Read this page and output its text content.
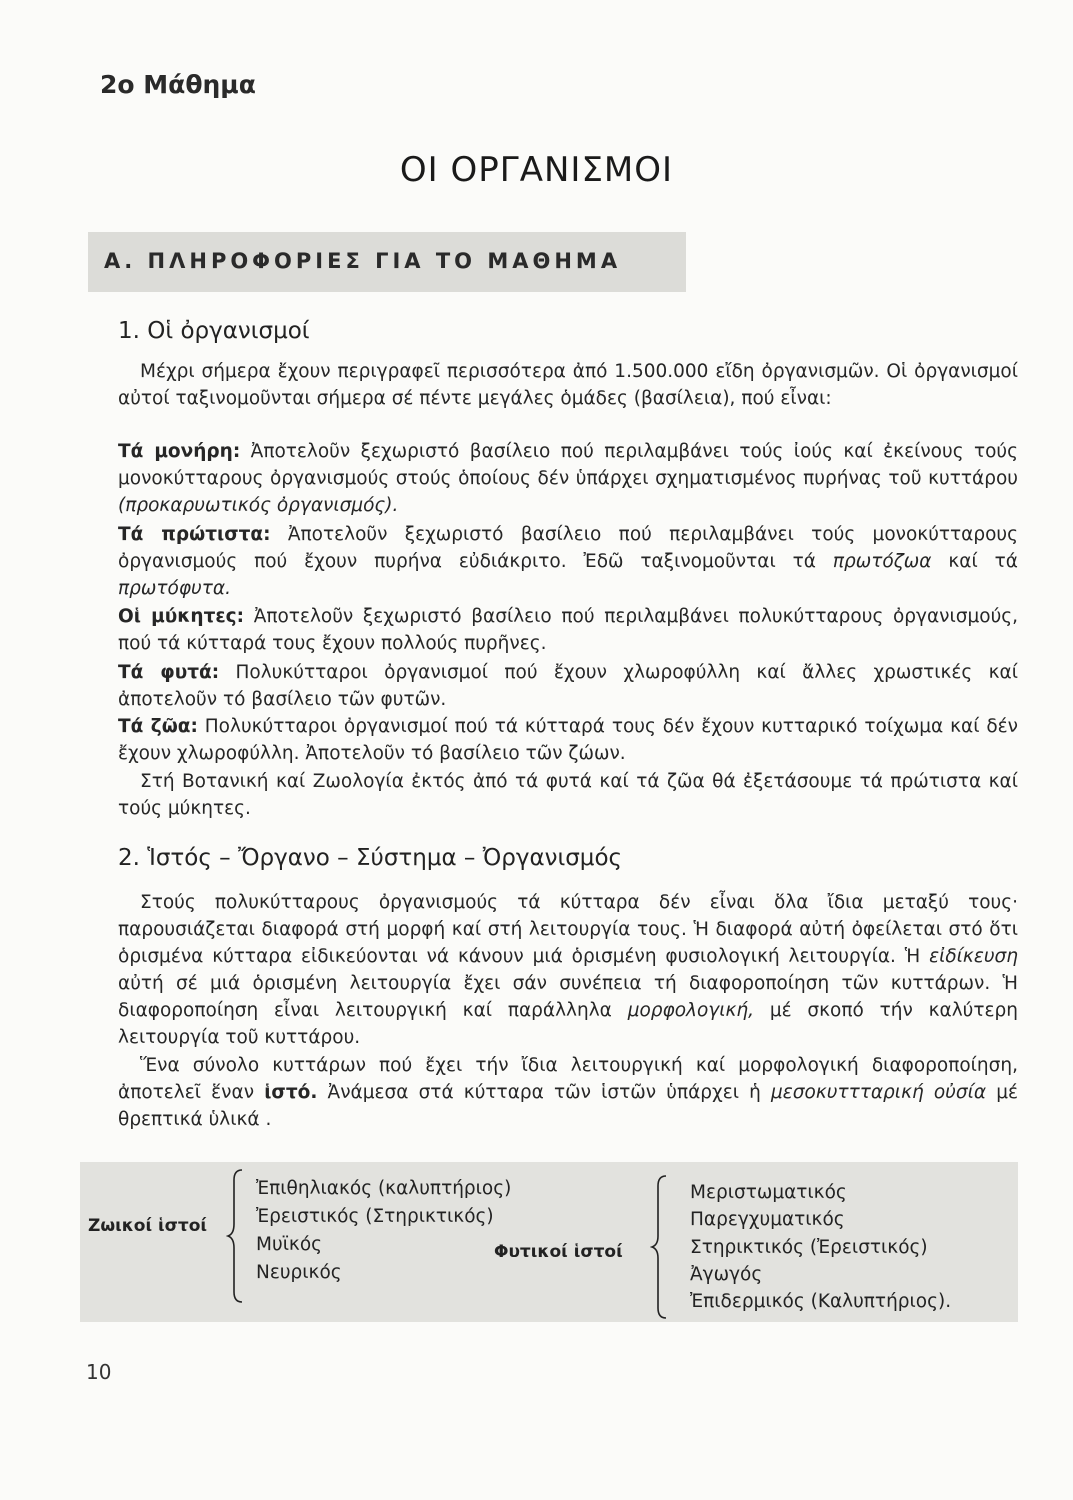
2ο Μάθημα
ΟΙ ΟΡΓΑΝΙΣΜΟΙ
Α. ΠΛΗΡΟΦΟΡΙΕΣ ΓΙΑ ΤΟ ΜΑΘΗΜΑ
1. Οἱ ὀργανισμοί
Μέχρι σήμερα ἔχουν περιγραφεῖ περισσότερα ἀπό 1.500.000 εἴδη ὀργανισμῶν. Οἱ ὀργανισμοί αὐτοί ταξινομοῦνται σήμερα σέ πέντε μεγάλες ὁμάδες (βασίλεια), πού εἶναι:
Τά μονήρη: Ἀποτελοῦν ξεχωριστό βασίλειο πού περιλαμβάνει τούς ἰούς καί ἐκείνους τούς μονοκύτταρους ὀργανισμούς στούς ὁποίους δέν ὑπάρχει σχηματισμένος πυρήνας τοῦ κυττάρου (προκαρυωτικός ὀργανισμός).
Τά πρώτιστα: Ἀποτελοῦν ξεχωριστό βασίλειο πού περιλαμβάνει τούς μονοκύτταρους ὀργανισμούς πού ἔχουν πυρήνα εὐδιάκριτο. Ἐδῶ ταξινομοῦνται τά πρωτόζωα καί τά πρωτόφυτα.
Οἱ μύκητες: Ἀποτελοῦν ξεχωριστό βασίλειο πού περιλαμβάνει πολυκύτταρους ὀργανισμούς, πού τά κύτταρά τους ἔχουν πολλούς πυρῆνες.
Τά φυτά: Πολυκύτταροι ὀργανισμοί πού ἔχουν χλωροφύλλη καί ἄλλες χρωστικές καί ἀποτελοῦν τό βασίλειο τῶν φυτῶν.
Τά ζῶα: Πολυκύτταροι ὀργανισμοί πού τά κύτταρά τους δέν ἔχουν κυτταρικό τοίχωμα καί δέν ἔχουν χλωροφύλλη. Ἀποτελοῦν τό βασίλειο τῶν ζώων.
Στή Βοτανική καί Ζωολογία ἐκτός ἀπό τά φυτά καί τά ζῶα θά ἐξετάσουμε τά πρώτιστα καί τούς μύκητες.
2. Ἱστός – Ὄργανο – Σύστημα – Ὀργανισμός
Στούς πολυκύτταρους ὀργανισμούς τά κύτταρα δέν εἶναι ὅλα ἴδια μεταξύ τους· παρουσιάζεται διαφορά στή μορφή καί στή λειτουργία τους. Ἡ διαφορά αὐτή ὀφείλεται στό ὅτι ὁρισμένα κύτταρα εἰδικεύονται νά κάνουν μιά ὁρισμένη φυσιολογική λειτουργία. Ἡ εἰδίκευση αὐτή σέ μιά ὁρισμένη λειτουργία ἔχει σάν συνέπεια τή διαφοροποίηση τῶν κυττάρων. Ἡ διαφοροποίηση εἶναι λειτουργική καί παράλληλα μορφολογική, μέ σκοπό τήν καλύτερη λειτουργία τοῦ κυττάρου.
Ἕνα σύνολο κυττάρων πού ἔχει τήν ἴδια λειτουργική καί μορφολογική διαφοροποίηση, ἀποτελεῖ ἕναν ἱστό. Ἀνάμεσα στά κύτταρα τῶν ἱστῶν ὑπάρχει ἡ μεσοκυττταρική οὐσία μέ θρεπτικά ὑλικά .
Ζωικοί ἱστοί
Ἐπιθηλιακός (καλυπτήριος)
Ἐρειστικός (Στηρικτικός)
Μυϊκός
Νευρικός
Φυτικοί ἱστοί
Μεριστωματικός
Παρεγχυματικός
Στηρικτικός (Ἐρειστικός)
Ἀγωγός
Ἐπιδερμικός (Καλυπτήριος).
10
